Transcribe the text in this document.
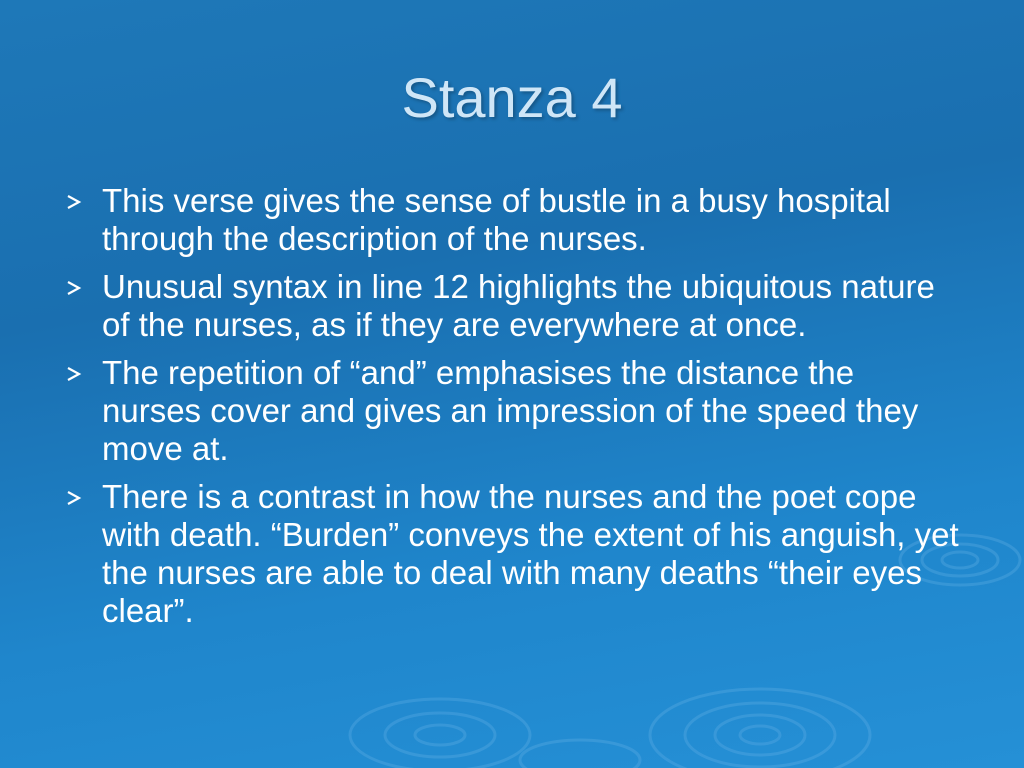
Stanza 4
This verse gives the sense of bustle in a busy hospital through the description of the nurses.
Unusual syntax in line 12 highlights the ubiquitous nature of the nurses, as if they are everywhere at once.
The repetition of “and” emphasises the distance the nurses cover and gives an impression of the speed they move at.
There is a contrast in how the nurses and the poet cope with death. “Burden” conveys the extent of his anguish, yet the nurses are able to deal with many deaths “their eyes clear”.
